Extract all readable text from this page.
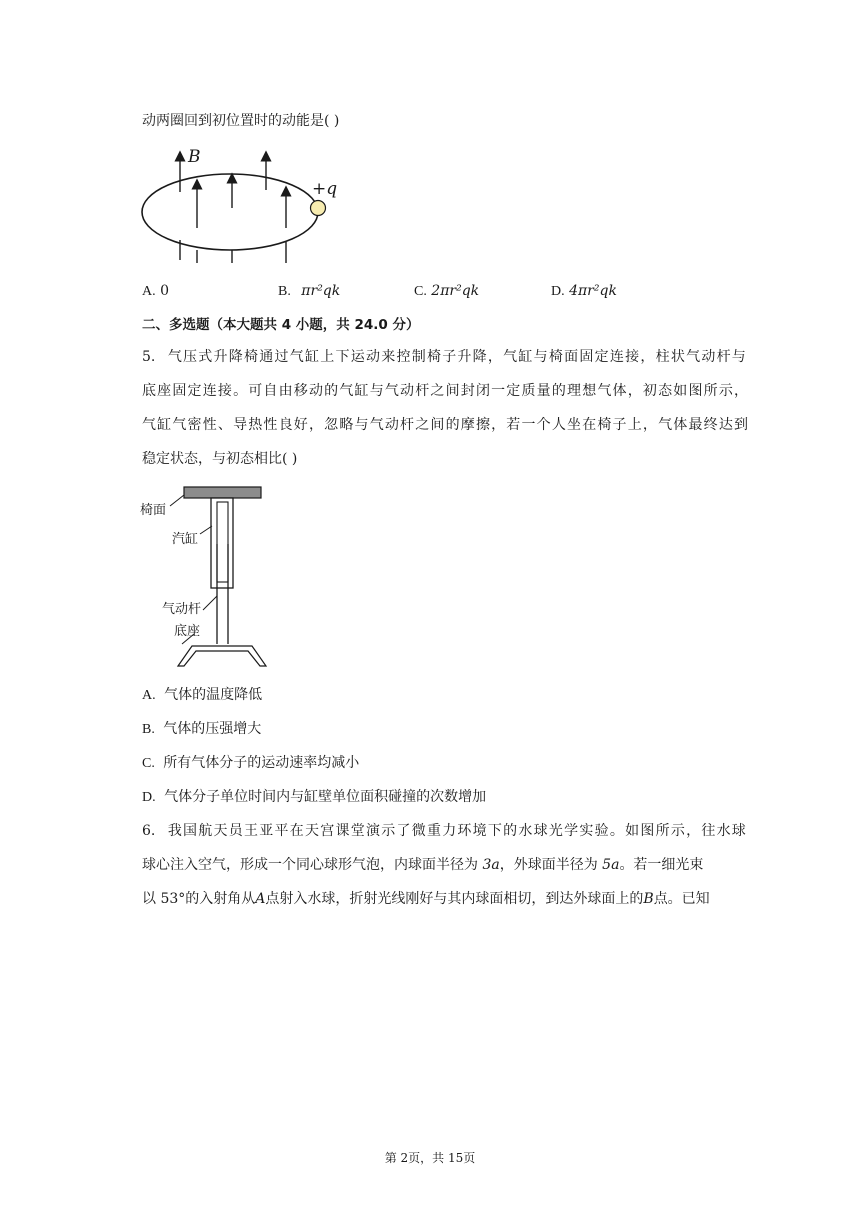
动两圈回到初位置时的动能是( )
B
+q
A. 0	B. πr²qk	C. 2πr²qk	D. 4πr²qk
二、多选题（本大题共 4 小题，共 24.0 分）
5. 气压式升降椅通过气缸上下运动来控制椅子升降，气缸与椅面固定连接，柱状气动杆与
底座固定连接。可自由移动的气缸与气动杆之间封闭一定质量的理想气体，初态如图所示，
气缸气密性、导热性良好，忽略与气动杆之间的摩擦，若一个人坐在椅子上，气体最终达到
稳定状态，与初态相比( )
椅面
汽缸
气动杆
底座
A. 气体的温度降低
B. 气体的压强增大
C. 所有气体分子的运动速率均减小
D. 气体分子单位时间内与缸壁单位面积碰撞的次数增加
6. 我国航天员王亚平在天宫课堂演示了微重力环境下的水球光学实验。如图所示，往水球
球心注入空气，形成一个同心球形气泡，内球面半径为 3a，外球面半径为 5a。若一细光束
以 53°的入射角从A点射入水球，折射光线刚好与其内球面相切，到达外球面上的B点。已知
第 2页，共 15页
